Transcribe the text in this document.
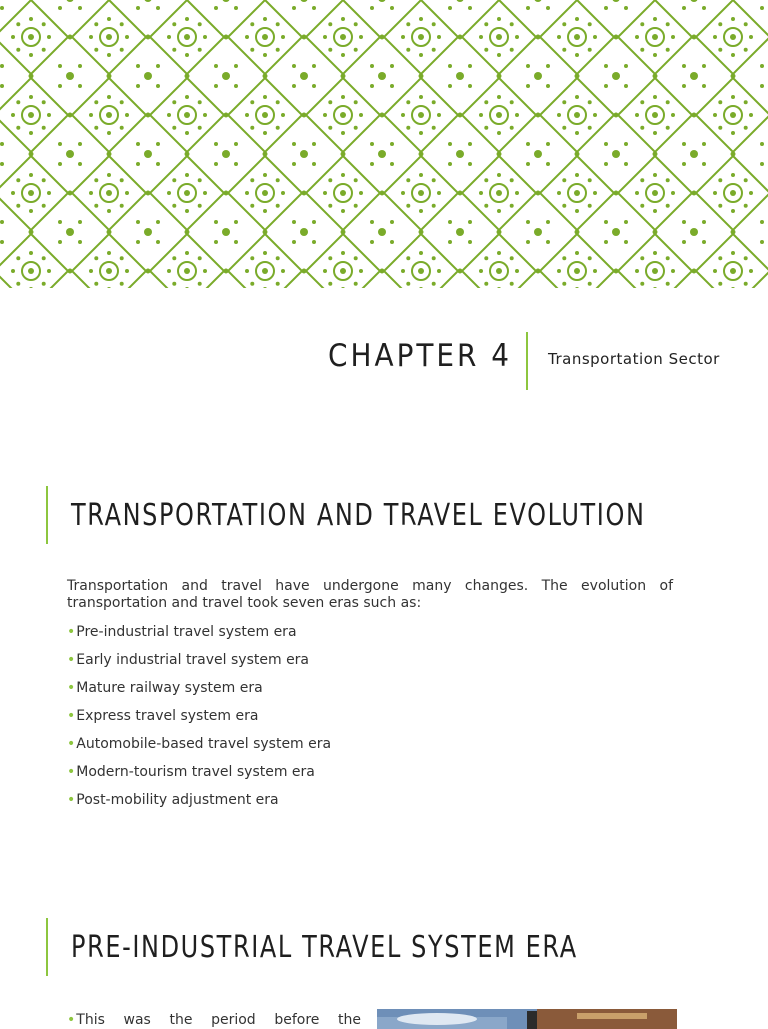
CHAPTER 4 Transportation Sector
TRANSPORTATION AND TRAVEL EVOLUTION

Transportation and travel have undergone many changes. The evolution of transportation and travel took seven eras such as:

•Pre-industrial travel system era
•Early industrial travel system era
•Mature railway system era
•Express travel system era
•Automobile-based travel system era
•Modern-tourism travel system era
•Post-mobility adjustment era
PRE-INDUSTRIAL TRAVEL SYSTEM ERA

•This was the period before the
